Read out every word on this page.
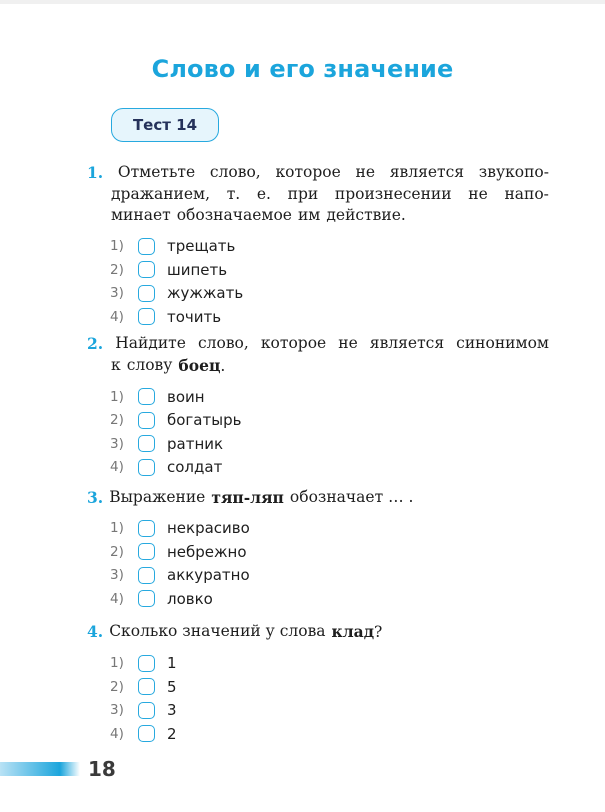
Слово и его значение
Тест 14
1. Отметьте слово, которое не является звукопо-
дражанием, т. е. при произнесении не напо-
минает обозначаемое им действие.
1)	трещать
2)	шипеть
3)	жужжать
4)	точить
2. Найдите слово, которое не является синонимом
к слову боец.
1)	воин
2)	богатырь
3)	ратник
4)	солдат
3. Выражение тяп-ляп обозначает … .
1)	некрасиво
2)	небрежно
3)	аккуратно
4)	ловко
4. Сколько значений у слова клад?
1)	1
2)	5
3)	3
4)	2
18
